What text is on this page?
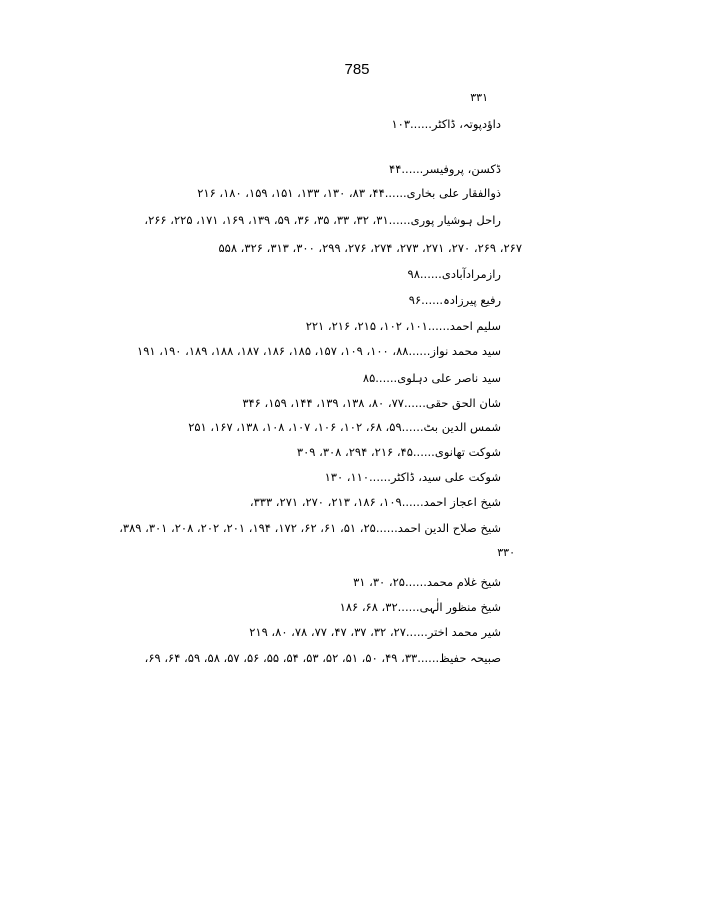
785
۳۳۱
داؤدپوتہ، ڈاکٹر......۱۰۳
ڈکسن، پروفیسر......۴۴
ذوالفقار علی بخاری......۴۴، ۸۳، ۱۳۰، ۱۳۳، ۱۵۱، ۱۵۹، ۱۸۰، ۲۱۶
راحل ہوشیار پوری......۳۱، ۳۲، ۳۳، ۳۵، ۳۶، ۵۹، ۱۳۹، ۱۶۹، ۱۷۱، ۲۲۵، ۲۶۶،
۲۶۷، ۲۶۹، ۲۷۰، ۲۷۱، ۲۷۳، ۲۷۴، ۲۷۶، ۲۹۹، ۳۰۰، ۳۱۳، ۳۲۶، ۵۵۸
رازمرادآبادی......۹۸
رفیع پیرزادہ......۹۶
سلیم احمد......۱۰۱، ۱۰۲، ۲۱۵، ۲۱۶، ۲۲۱
سید محمد نواز......۸۸، ۱۰۰، ۱۰۹، ۱۵۷، ۱۸۵، ۱۸۶، ۱۸۷، ۱۸۸، ۱۸۹، ۱۹۰، ۱۹۱
سید ناصر علی دہلوی......۸۵
شان الحق حقی......۷۷، ۸۰، ۱۳۸، ۱۳۹، ۱۴۴، ۱۵۹، ۳۴۶
شمس الدین بٹ......۵۹، ۶۸، ۱۰۲، ۱۰۶، ۱۰۷، ۱۰۸، ۱۳۸، ۱۶۷، ۲۵۱
شوکت تھانوی......۴۵، ۲۱۶، ۲۹۴، ۳۰۸، ۳۰۹
شوکت علی سید، ڈاکٹر......۱۱۰، ۱۳۰
شیخ اعجاز احمد......۱۰۹، ۱۸۶، ۲۱۳، ۲۷۰، ۲۷۱، ۳۳۳،
شیخ صلاح الدین احمد......۲۵، ۵۱، ۶۱، ۶۲، ۱۷۲، ۱۹۴، ۲۰۱، ۲۰۲، ۲۰۸، ۳۰۱، ۳۸۹،
۳۳۰
شیخ غلام محمد......۲۵، ۳۰، ۳۱
شیخ منظور الٰہی......۳۲، ۶۸، ۱۸۶
شیر محمد اختر......۲۷، ۳۲، ۳۷، ۴۷، ۷۷، ۷۸، ۸۰، ۲۱۹
صبیحہ حفیظ......۳۳، ۴۹، ۵۰، ۵۱، ۵۲، ۵۳، ۵۴، ۵۵، ۵۶، ۵۷، ۵۸، ۵۹، ۶۴، ۶۹،
